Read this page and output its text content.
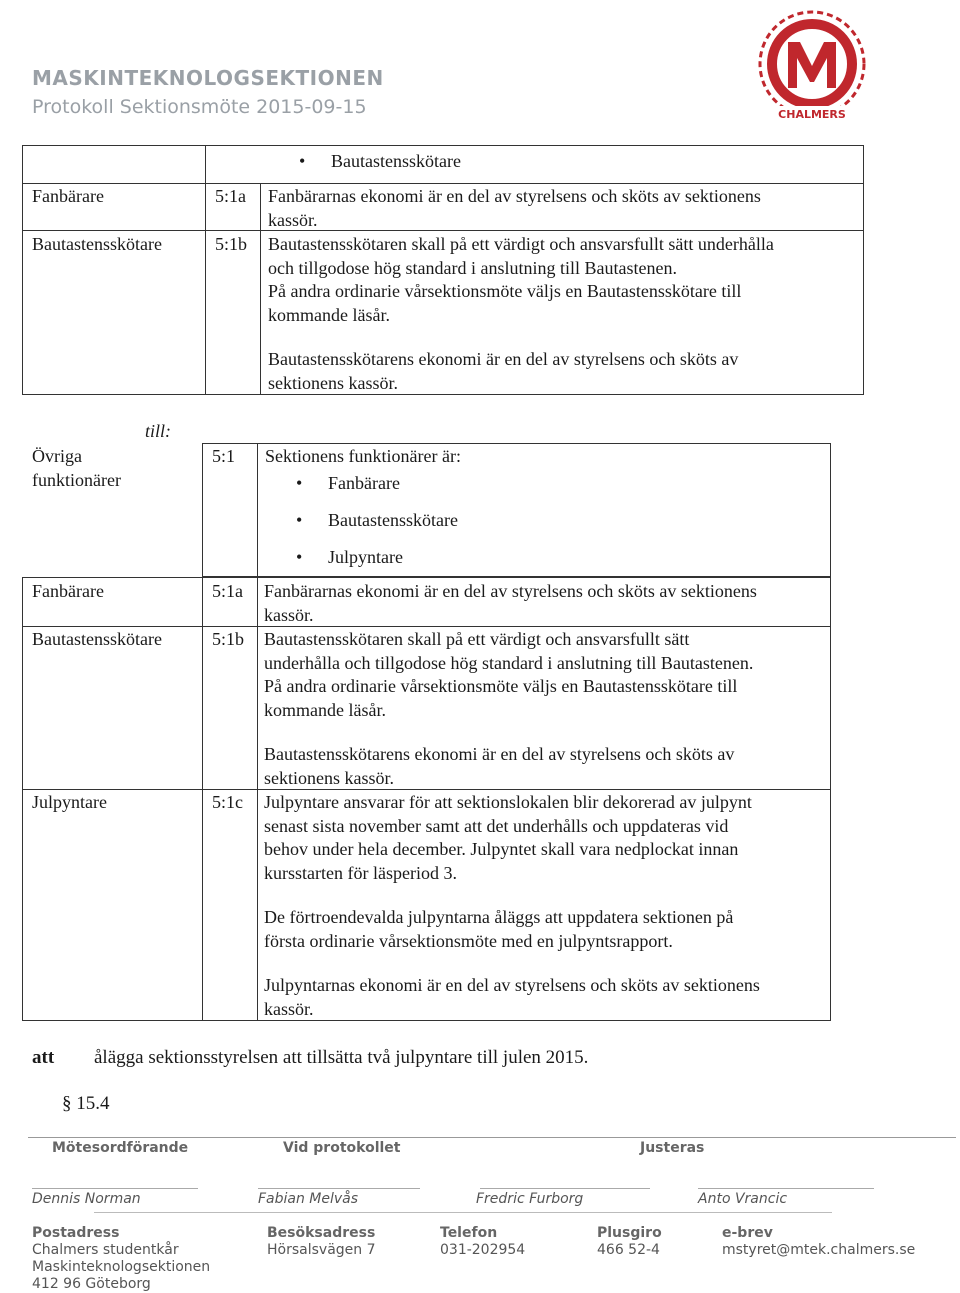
MASKINTEKNOLOGSEKTIONEN
Protokoll Sektionsmöte 2015-09-15	CHALMERS
• Bautastensskötare
Fanbärare	5:1a Fanbärarnas ekonomi är en del av styrelsens och sköts av sektionens
kassör.
Bautastensskötare	5:1b Bautastensskötaren skall på ett värdigt och ansvarsfullt sätt underhålla
och tillgodose hög standard i anslutning till Bautastenen.
På andra ordinarie vårsektionsmöte väljs en Bautastensskötare till
kommande läsår.
Bautastensskötarens ekonomi är en del av styrelsens och sköts av
sektionens kassör.
till:
Övriga
funktionärer
5:1 Sektionens funktionärer är:
• Fanbärare
• Bautastensskötare
• Julpyntare
Fanbärare	5:1a Fanbärarnas ekonomi är en del av styrelsens och sköts av sektionens
kassör.
Bautastensskötare	5:1b Bautastensskötaren skall på ett värdigt och ansvarsfullt sätt
underhålla och tillgodose hög standard i anslutning till Bautastenen.
På andra ordinarie vårsektionsmöte väljs en Bautastensskötare till
kommande läsår.
Bautastensskötarens ekonomi är en del av styrelsens och sköts av
sektionens kassör.
Julpyntare	5:1c Julpyntare ansvarar för att sektionslokalen blir dekorerad av julpynt
senast sista november samt att det underhålls och uppdateras vid
behov under hela december. Julpyntet skall vara nedplockat innan
kursstarten för läsperiod 3.
De förtroendevalda julpyntarna åläggs att uppdatera sektionen på
första ordinarie vårsektionsmöte med en julpyntsrapport.
Julpyntarnas ekonomi är en del av styrelsens och sköts av sektionens
kassör.
att ålägga sektionsstyrelsen att tillsätta två julpyntare till julen 2015.
§ 15.4
Mötesordförande	Vid protokollet	Justeras
Dennis Norman	Fabian Melvås	Fredric Furborg	Anto Vrancic
Postadress	Besöksadress	Telefon	Plusgiro	e-brev
Chalmers studentkår
Maskinteknologsektionen
412 96 Göteborg
Hörsalsvägen 7	031-202954	466 52-4	mstyret@mtek.chalmers.se
